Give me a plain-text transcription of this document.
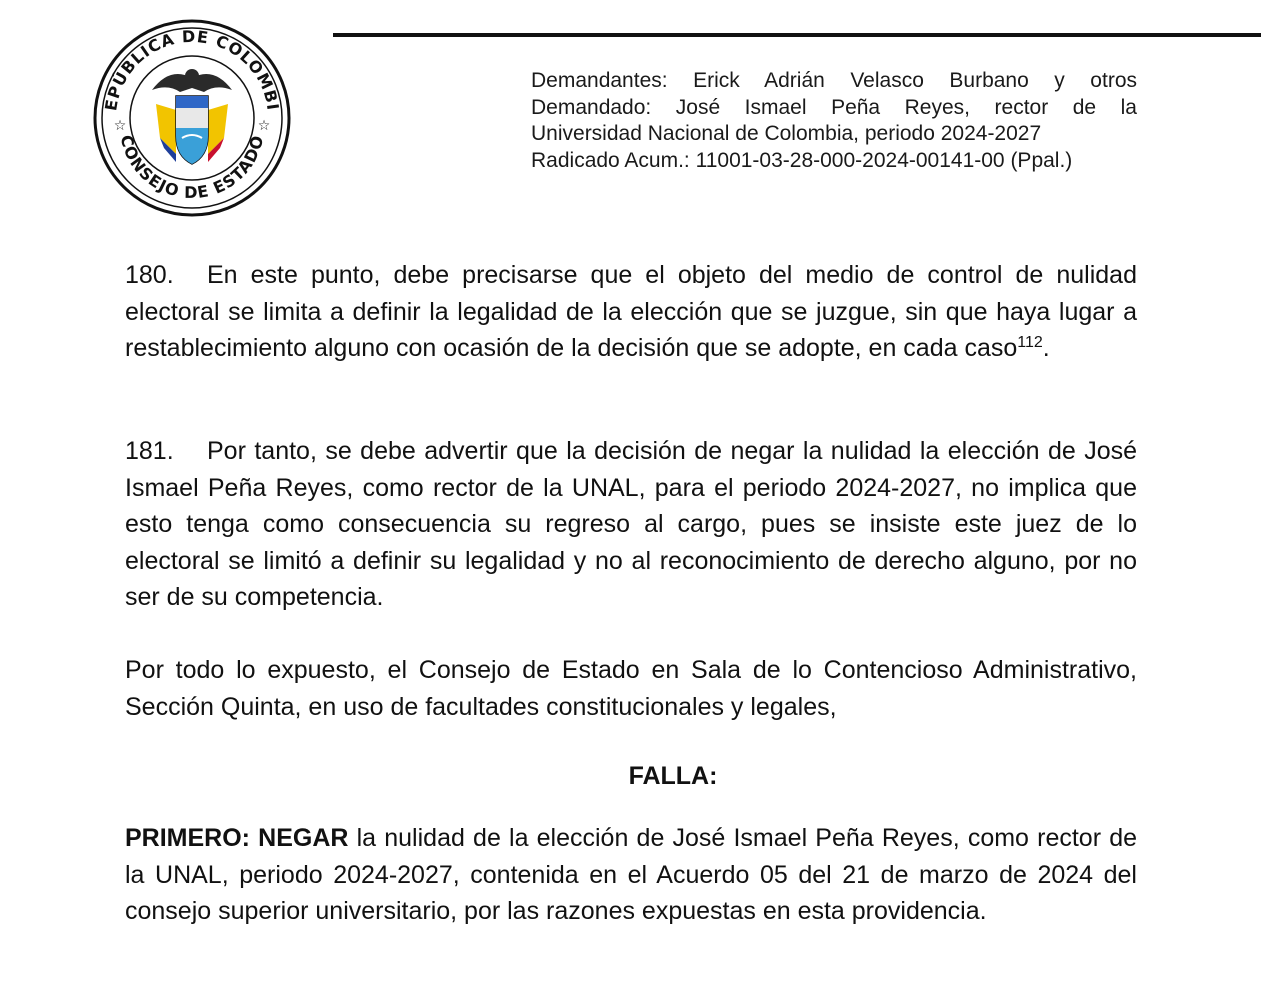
EPÚBLICA DE COLOMBI
CONSEJO DE ESTADO
☆	☆
Demandantes: Erick Adrián Velasco Burbano y otros
Demandado: José Ismael Peña Reyes, rector de la
Universidad Nacional de Colombia, periodo 2024-2027
Radicado Acum.: 11001-03-28-000-2024-00141-00 (Ppal.)

180. En este punto, debe precisarse que el objeto del medio de control de nulidad electoral se limita a definir la legalidad de la elección que se juzgue, sin que haya lugar a restablecimiento alguno con ocasión de la decisión que se adopte, en cada caso$^{112}$.

181. Por tanto, se debe advertir que la decisión de negar la nulidad la elección de José Ismael Peña Reyes, como rector de la UNAL, para el periodo 2024-2027, no implica que esto tenga como consecuencia su regreso al cargo, pues se insiste este juez de lo electoral se limitó a definir su legalidad y no al reconocimiento de derecho alguno, por no ser de su competencia.

Por todo lo expuesto, el Consejo de Estado en Sala de lo Contencioso Administrativo, Sección Quinta, en uso de facultades constitucionales y legales,

FALLA:

PRIMERO: NEGAR la nulidad de la elección de José Ismael Peña Reyes, como rector de la UNAL, periodo 2024-2027, contenida en el Acuerdo 05 del 21 de marzo de 2024 del consejo superior universitario, por las razones expuestas en esta providencia.
